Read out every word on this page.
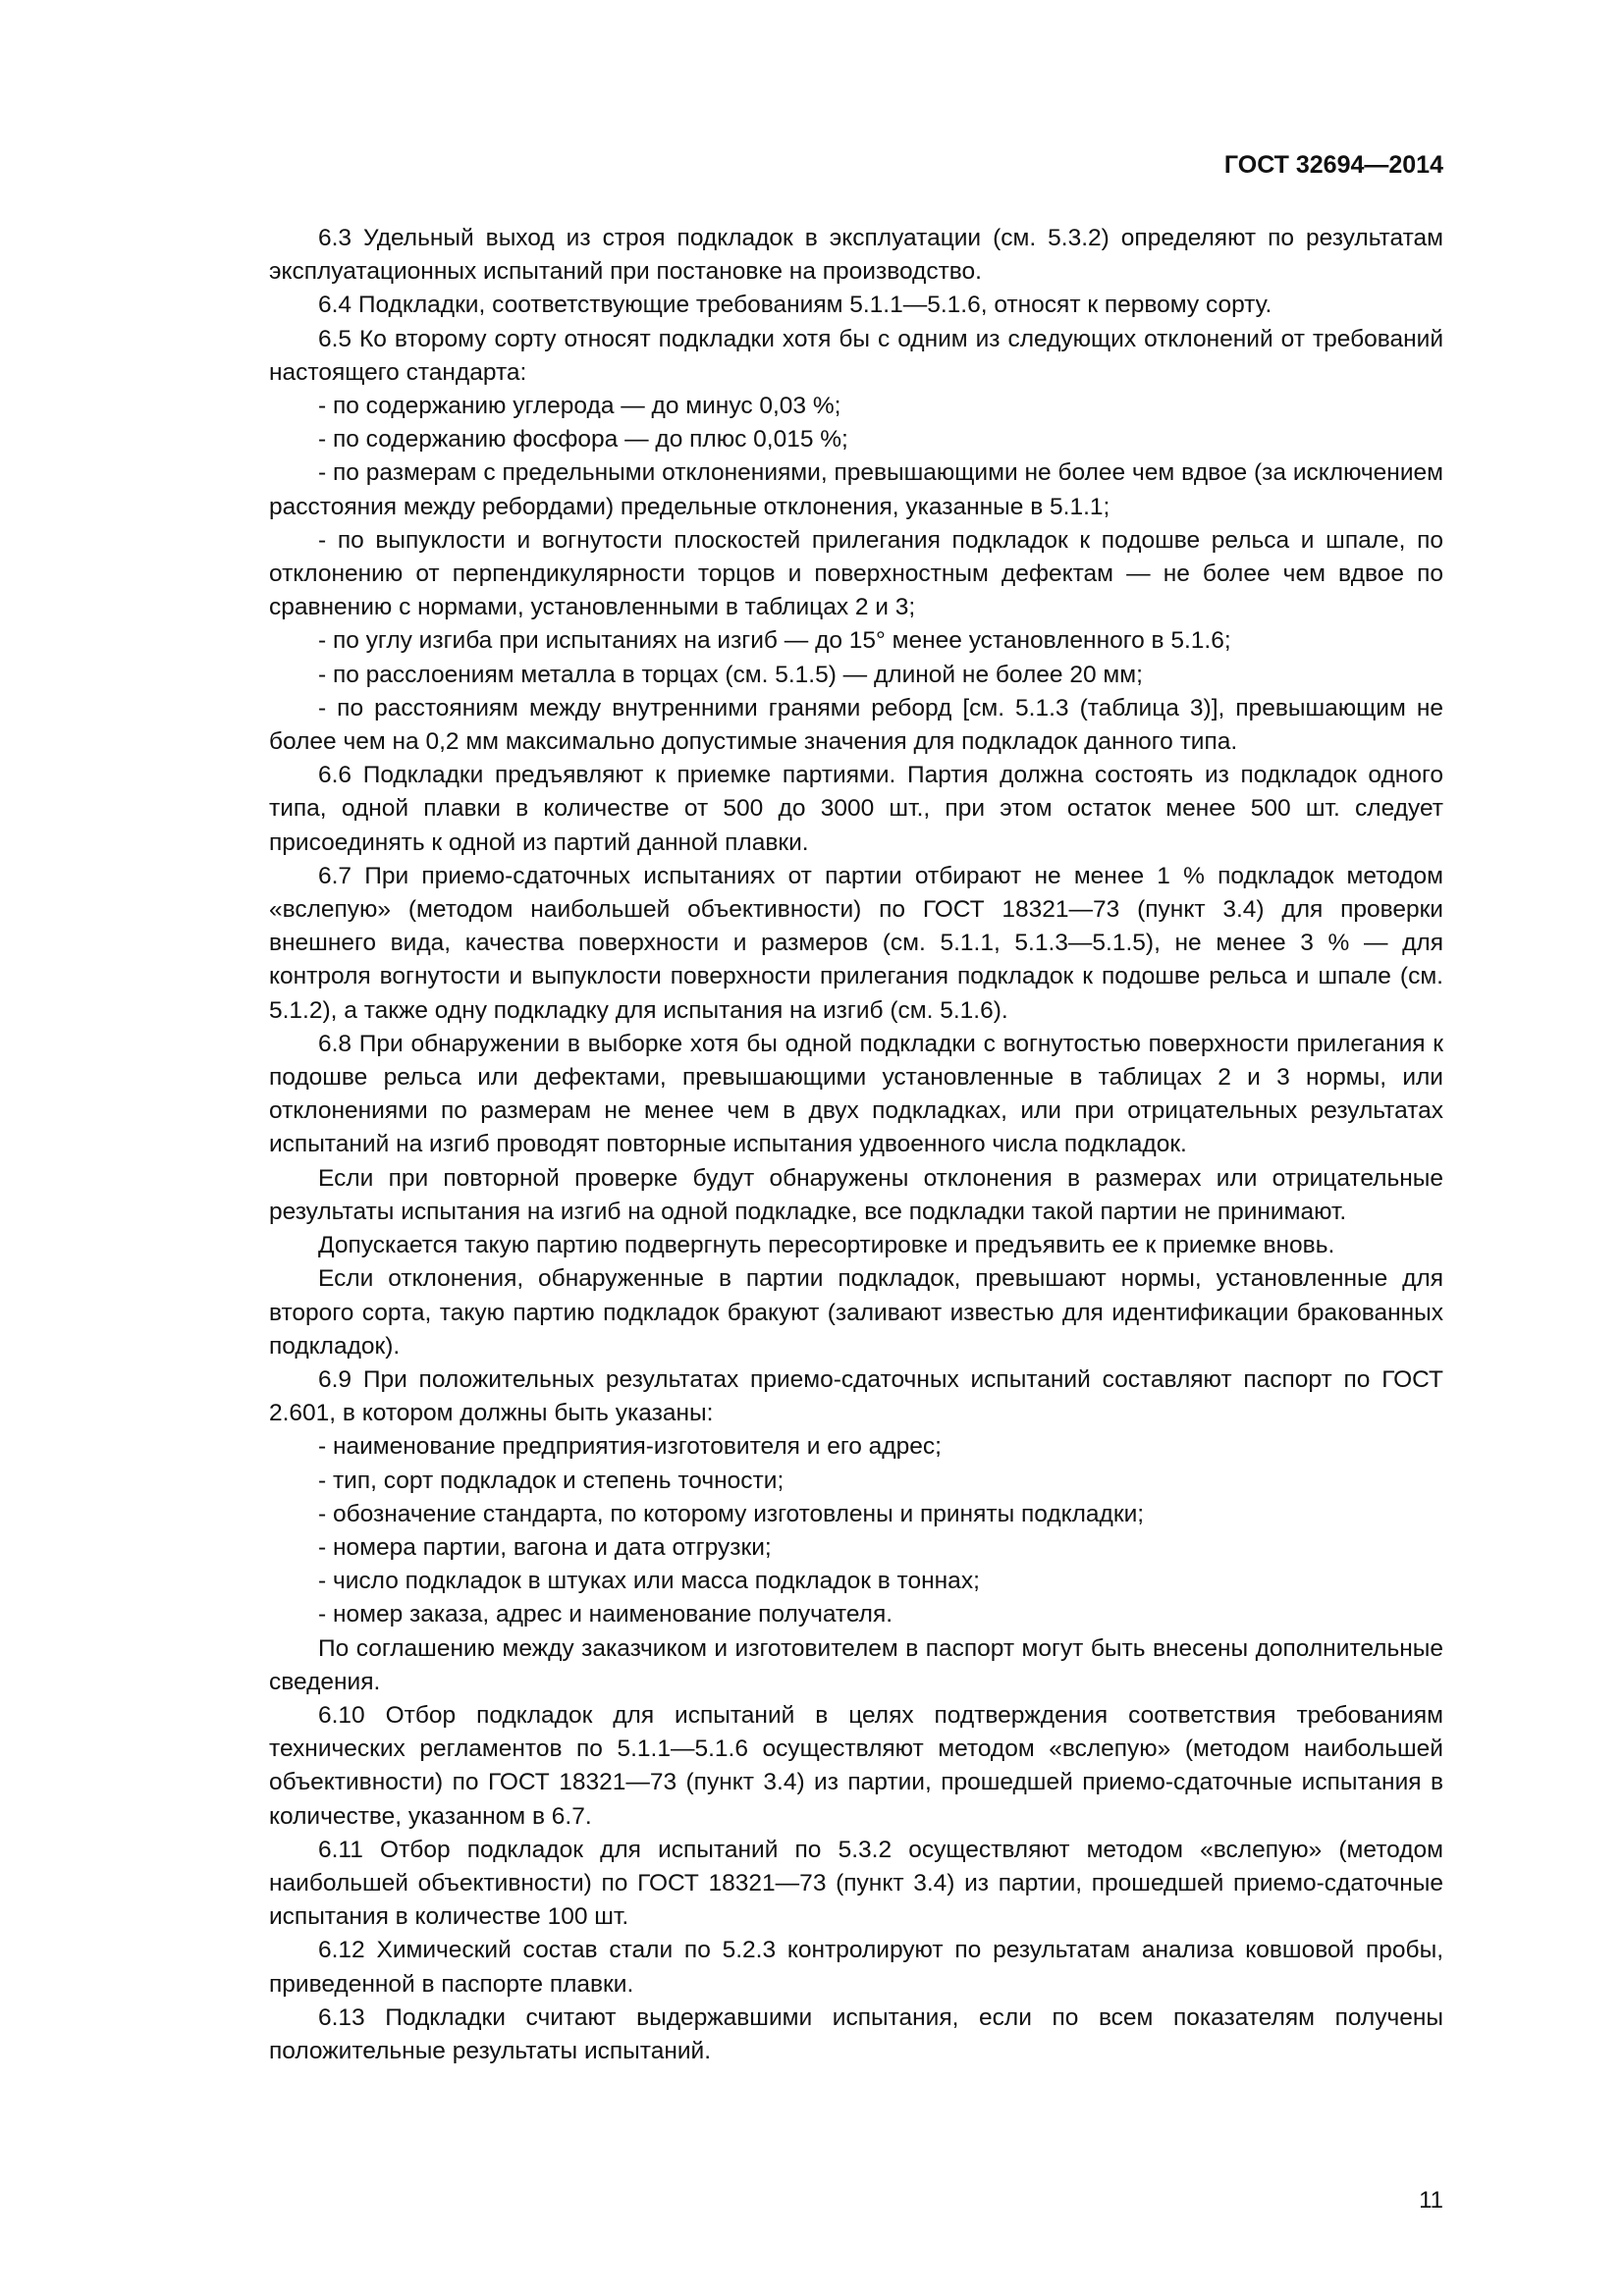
ГОСТ 32694—2014

6.3 Удельный выход из строя подкладок в эксплуатации (см. 5.3.2) определяют по результатам эксплуатационных испытаний при постановке на производство.

6.4 Подкладки, соответствующие требованиям 5.1.1—5.1.6, относят к первому сорту.

6.5 Ко второму сорту относят подкладки хотя бы с одним из следующих отклонений от требований настоящего стандарта:

- по содержанию углерода — до минус 0,03 %;

- по содержанию фосфора — до плюс 0,015 %;

- по размерам с предельными отклонениями, превышающими не более чем вдвое (за исключением расстояния между ребордами) предельные отклонения, указанные в 5.1.1;

- по выпуклости и вогнутости плоскостей прилегания подкладок к подошве рельса и шпале, по отклонению от перпендикулярности торцов и поверхностным дефектам — не более чем вдвое по сравнению с нормами, установленными в таблицах 2 и 3;

- по углу изгиба при испытаниях на изгиб — до 15° менее установленного в 5.1.6;

- по расслоениям металла в торцах (см. 5.1.5) — длиной не более 20 мм;

- по расстояниям между внутренними гранями реборд [см. 5.1.3 (таблица 3)], превышающим не более чем на 0,2 мм максимально допустимые значения для подкладок данного типа.

6.6 Подкладки предъявляют к приемке партиями. Партия должна состоять из подкладок одного типа, одной плавки в количестве от 500 до 3000 шт., при этом остаток менее 500 шт. следует присоединять к одной из партий данной плавки.

6.7 При приемо-сдаточных испытаниях от партии отбирают не менее 1 % подкладок методом «вслепую» (методом наибольшей объективности) по ГОСТ 18321—73 (пункт 3.4) для проверки внешнего вида, качества поверхности и размеров (см. 5.1.1, 5.1.3—5.1.5), не менее 3 % — для контроля вогнутости и выпуклости поверхности прилегания подкладок к подошве рельса и шпале (см. 5.1.2), а также одну подкладку для испытания на изгиб (см. 5.1.6).

6.8 При обнаружении в выборке хотя бы одной подкладки с вогнутостью поверхности прилегания к подошве рельса или дефектами, превышающими установленные в таблицах 2 и 3 нормы, или отклонениями по размерам не менее чем в двух подкладках, или при отрицательных результатах испытаний на изгиб проводят повторные испытания удвоенного числа подкладок.

Если при повторной проверке будут обнаружены отклонения в размерах или отрицательные результаты испытания на изгиб на одной подкладке, все подкладки такой партии не принимают.

Допускается такую партию подвергнуть пересортировке и предъявить ее к приемке вновь.

Если отклонения, обнаруженные в партии подкладок, превышают нормы, установленные для второго сорта, такую партию подкладок бракуют (заливают известью для идентификации бракованных подкладок).

6.9 При положительных результатах приемо-сдаточных испытаний составляют паспорт по ГОСТ 2.601, в котором должны быть указаны:

- наименование предприятия-изготовителя и его адрес;

- тип, сорт подкладок и степень точности;

- обозначение стандарта, по которому изготовлены и приняты подкладки;

- номера партии, вагона и дата отгрузки;

- число подкладок в штуках или масса подкладок в тоннах;

- номер заказа, адрес и наименование получателя.

По соглашению между заказчиком и изготовителем в паспорт могут быть внесены дополнительные сведения.

6.10 Отбор подкладок для испытаний в целях подтверждения соответствия требованиям технических регламентов по 5.1.1—5.1.6 осуществляют методом «вслепую» (методом наибольшей объективности) по ГОСТ 18321—73 (пункт 3.4) из партии, прошедшей приемо-сдаточные испытания в количестве, указанном в 6.7.

6.11 Отбор подкладок для испытаний по 5.3.2 осуществляют методом «вслепую» (методом наибольшей объективности) по ГОСТ 18321—73 (пункт 3.4) из партии, прошедшей приемо-сдаточные испытания в количестве 100 шт.

6.12 Химический состав стали по 5.2.3 контролируют по результатам анализа ковшовой пробы, приведенной в паспорте плавки.

6.13 Подкладки считают выдержавшими испытания, если по всем показателям получены положительные результаты испытаний.

11
